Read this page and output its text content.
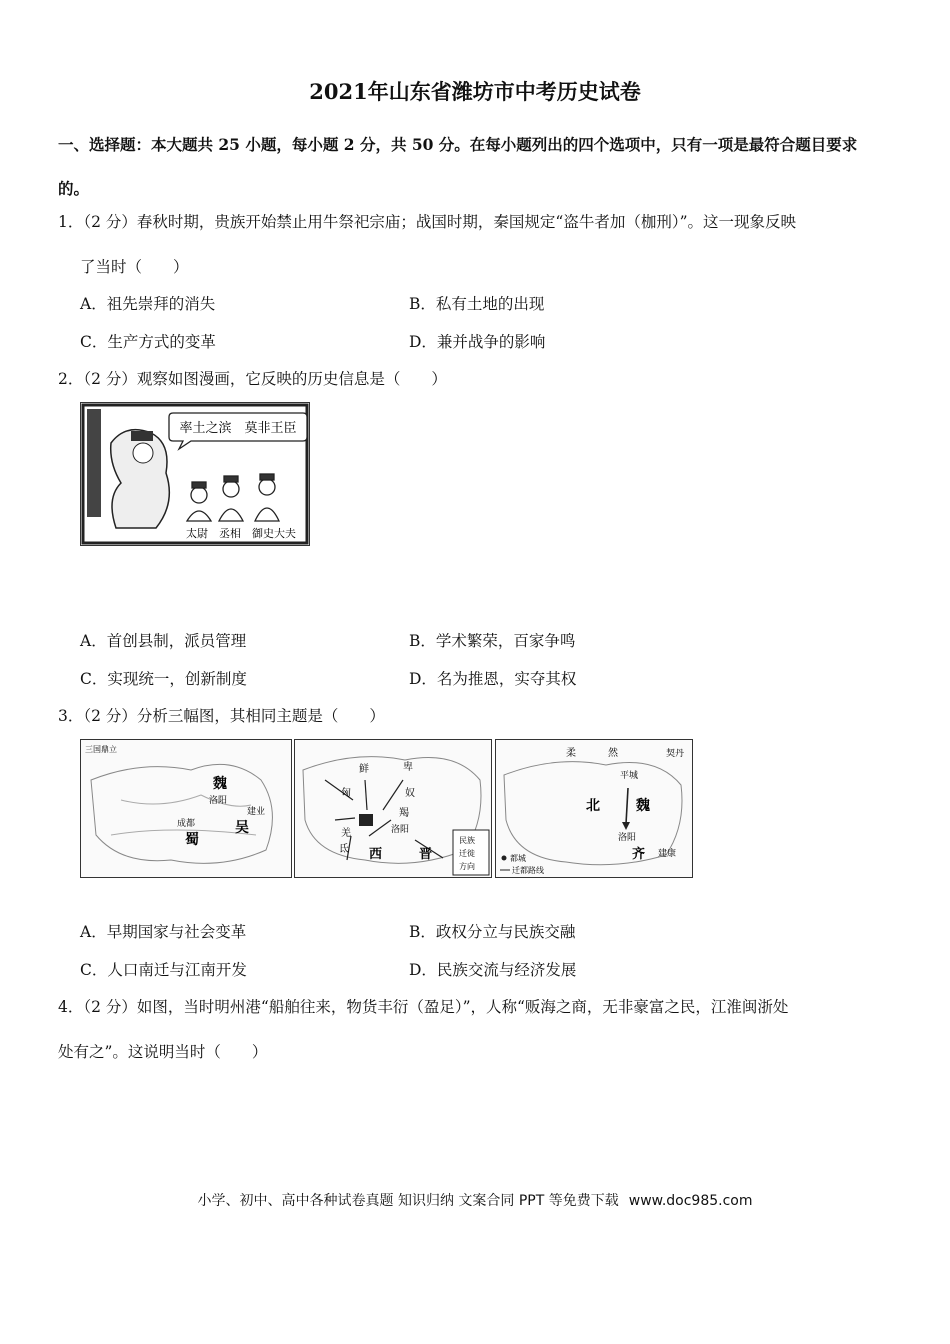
2021年山东省潍坊市中考历史试卷
一、选择题：本大题共 25 小题，每小题 2 分，共 50 分。在每小题列出的四个选项中，只有一项是最符合题目要求
的。
1．（2 分）春秋时期，贵族开始禁止用牛祭祀宗庙；战国时期，秦国规定“盗牛者加（枷刑）”。这一现象反映
了当时（　　）
A．祖先崇拜的消失	B．私有土地的出现
C．生产方式的变革	D．兼并战争的影响
2．（2 分）观察如图漫画，它反映的历史信息是（　　）
率土之滨　莫非王臣
太尉　丞相　御史大夫
A．首创县制，派员管理	B．学术繁荣，百家争鸣
C．实现统一，创新制度	D．名为推恩，实夺其权
3．（2 分）分析三幅图，其相同主题是（　　）
三国鼎立
魏
洛阳
成都
建业
蜀
吴
鲜	卑
匈	奴
羯
羌
氐
洛阳
西	晋
民族
迁徙
方向
柔	然	契丹
平城
北	魏
洛阳
齐 建康
都城
迁都路线
A．早期国家与社会变革	B．政权分立与民族交融
C．人口南迁与江南开发	D．民族交流与经济发展
4．（2 分）如图，当时明州港“船舶往来，物货丰衍（盈足）”，人称“贩海之商，无非豪富之民，江淮闽浙处
处有之”。这说明当时（　　）
小学、初中、高中各种试卷真题 知识归纳 文案合同 PPT 等免费下载 www.doc985.com
